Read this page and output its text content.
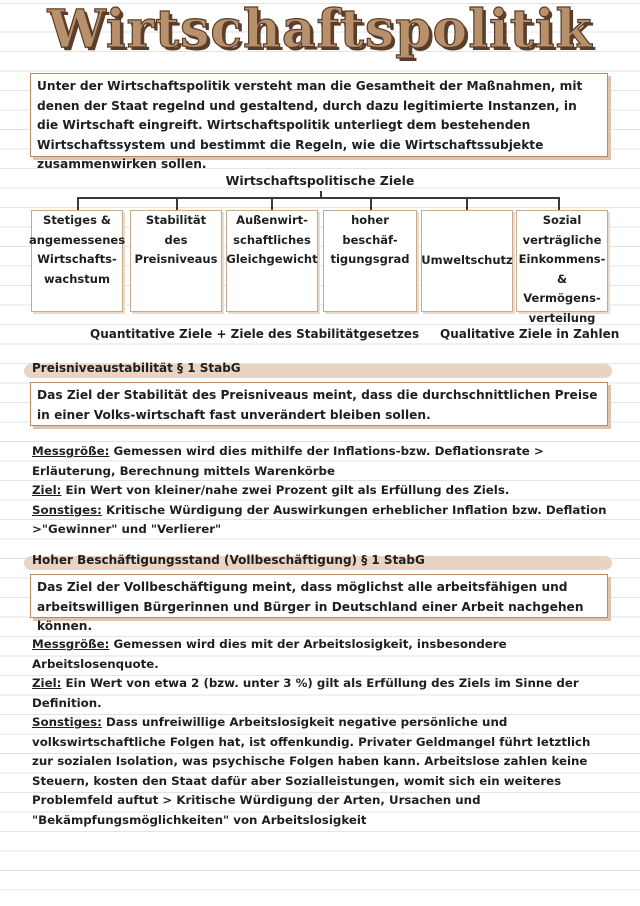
Wirtschaftspolitik
Unter der Wirtschaftspolitik versteht man die Gesamtheit der Maßnahmen, mit denen der Staat regelnd und gestaltend, durch dazu legitimierte Instanzen, in die Wirtschaft eingreift. Wirtschaftspolitik unterliegt dem bestehenden Wirtschaftssystem und bestimmt die Regeln, wie die Wirtschaftssubjekte zusammenwirken sollen.
Wirtschaftspolitische Ziele
Stetiges &
angemessenes
Wirtschafts-
wachstum
Stabilität des
Preisniveaus
Außenwirt-
schaftliches
Gleichgewicht
hoher beschäf-
tigungsgrad	Umweltschutz
Sozial
verträgliche
Einkommens- &
Vermögens-
verteilung
Quantitative Ziele + Ziele des Stabilitätgesetzes Qualitative Ziele in Zahlen
Preisniveaustabilität § 1 StabG
Das Ziel der Stabilität des Preisniveaus meint, dass die durchschnittlichen Preise in einer Volks-wirtschaft fast unverändert bleiben sollen.
Messgröße: Gemessen wird dies mithilfe der Inflations-bzw. Deflationsrate > Erläuterung, Berechnung mittels Warenkörbe
Ziel: Ein Wert von kleiner/nahe zwei Prozent gilt als Erfüllung des Ziels.
Sonstiges: Kritische Würdigung der Auswirkungen erheblicher Inflation bzw. Deflation >"Gewinner" und "Verlierer"
Hoher Beschäftigungsstand (Vollbeschäftigung) § 1 StabG
Das Ziel der Vollbeschäftigung meint, dass möglichst alle arbeitsfähigen und arbeitswilligen Bürgerinnen und Bürger in Deutschland einer Arbeit nachgehen können.
Messgröße: Gemessen wird dies mit der Arbeitslosigkeit, insbesondere Arbeitslosenquote.
Ziel: Ein Wert von etwa 2 (bzw. unter 3 %) gilt als Erfüllung des Ziels im Sinne der Definition.
Sonstiges: Dass unfreiwillige Arbeitslosigkeit negative persönliche und volkswirtschaftliche Folgen hat, ist offenkundig. Privater Geldmangel führt letztlich zur sozialen Isolation, was psychische Folgen haben kann. Arbeitslose zahlen keine Steuern, kosten den Staat dafür aber Sozialleistungen, womit sich ein weiteres Problemfeld auftut > Kritische Würdigung der Arten, Ursachen und "Bekämpfungsmöglichkeiten" von Arbeitslosigkeit
